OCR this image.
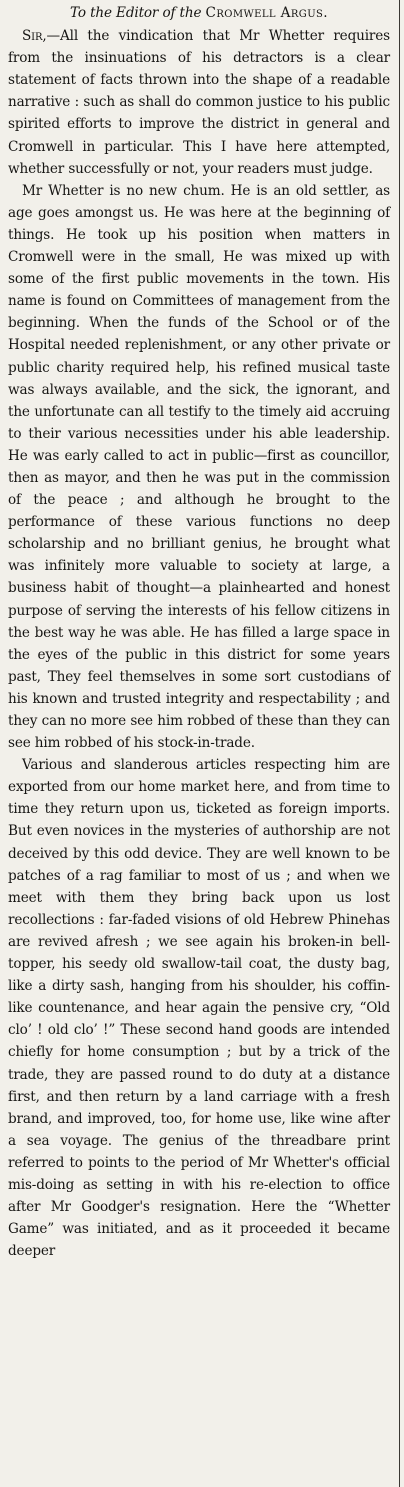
To the Editor of the Cromwell Argus.

Sir,—All the vindication that Mr Whetter requires from the insinuations of his detractors is a clear statement of facts thrown into the shape of a readable narrative : such as shall do common justice to his public spirited efforts to improve the district in general and Cromwell in particular. This I have here attempted, whether successfully or not, your readers must judge.

Mr Whetter is no new chum. He is an old settler, as age goes amongst us. He was here at the beginning of things. He took up his position when matters in Cromwell were in the small, He was mixed up with some of the first public movements in the town. His name is found on Committees of management from the beginning. When the funds of the School or of the Hospital needed replenishment, or any other private or public charity required help, his refined musical taste was always available, and the sick, the ignorant, and the unfortunate can all testify to the timely aid accruing to their various necessities under his able leadership. He was early called to act in public—first as councillor, then as mayor, and then he was put in the commission of the peace ; and although he brought to the performance of these various functions no deep scholarship and no brilliant genius, he brought what was infinitely more valuable to society at large, a business habit of thought—a plainhearted and honest purpose of serving the interests of his fellow citizens in the best way he was able. He has filled a large space in the eyes of the public in this district for some years past, They feel themselves in some sort custodians of his known and trusted integrity and respectability ; and they can no more see him robbed of these than they can see him robbed of his stock-in-trade.

Various and slanderous articles respecting him are exported from our home market here, and from time to time they return upon us, ticketed as foreign imports. But even novices in the mysteries of authorship are not deceived by this odd device. They are well known to be patches of a rag familiar to most of us ; and when we meet with them they bring back upon us lost recollections : far-faded visions of old Hebrew Phinehas are revived afresh ; we see again his broken-in bell-topper, his seedy old swallow-tail coat, the dusty bag, like a dirty sash, hanging from his shoulder, his coffin-like countenance, and hear again the pensive cry, “Old clo’ ! old clo’ !” These second hand goods are intended chiefly for home consumption ; but by a trick of the trade, they are passed round to do duty at a distance first, and then return by a land carriage with a fresh brand, and improved, too, for home use, like wine after a sea voyage. The genius of the threadbare print referred to points to the period of Mr Whetter's official mis-doing as setting in with his re-election to office after Mr Goodger's resignation. Here the “Whetter Game” was initiated, and as it proceeded it became deeper
